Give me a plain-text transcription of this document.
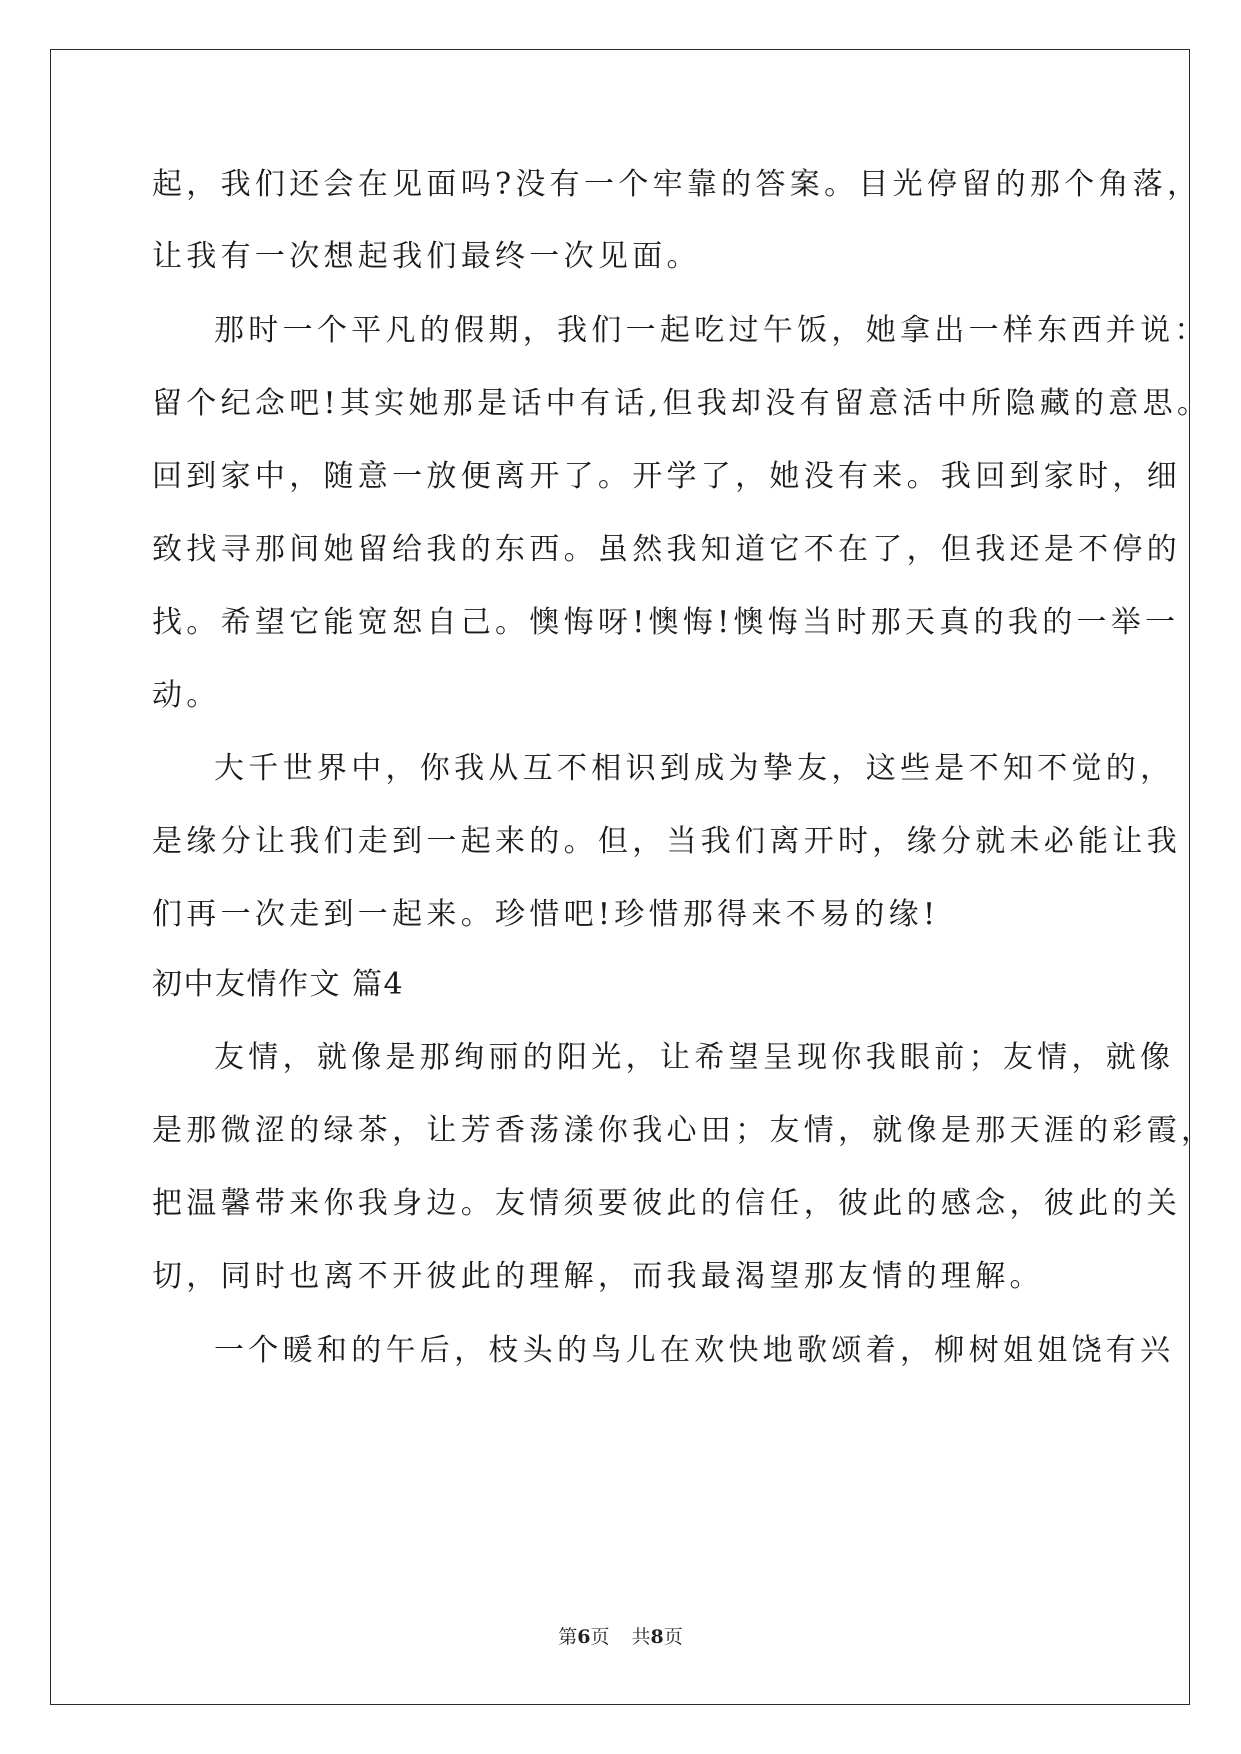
起，我们还会在见面吗?没有一个牢靠的答案。目光停留的那个角落，
让我有一次想起我们最终一次见面。
那时一个平凡的假期，我们一起吃过午饭，她拿出一样东西并说：
留个纪念吧!其实她那是话中有话,但我却没有留意活中所隐藏的意思。
回到家中，随意一放便离开了。开学了，她没有来。我回到家时，细
致找寻那间她留给我的东西。虽然我知道它不在了，但我还是不停的
找。希望它能宽恕自己。懊悔呀!懊悔!懊悔当时那天真的我的一举一
动。
大千世界中，你我从互不相识到成为挚友，这些是不知不觉的，
是缘分让我们走到一起来的。但，当我们离开时，缘分就未必能让我
们再一次走到一起来。珍惜吧!珍惜那得来不易的缘!
初中友情作文 篇4
友情，就像是那绚丽的阳光，让希望呈现你我眼前；友情，就像
是那微涩的绿茶，让芳香荡漾你我心田；友情，就像是那天涯的彩霞，
把温馨带来你我身边。友情须要彼此的信任，彼此的感念，彼此的关
切，同时也离不开彼此的理解，而我最渴望那友情的理解。
一个暖和的午后，枝头的鸟儿在欢快地歌颂着，柳树姐姐饶有兴
第6页 共8页
